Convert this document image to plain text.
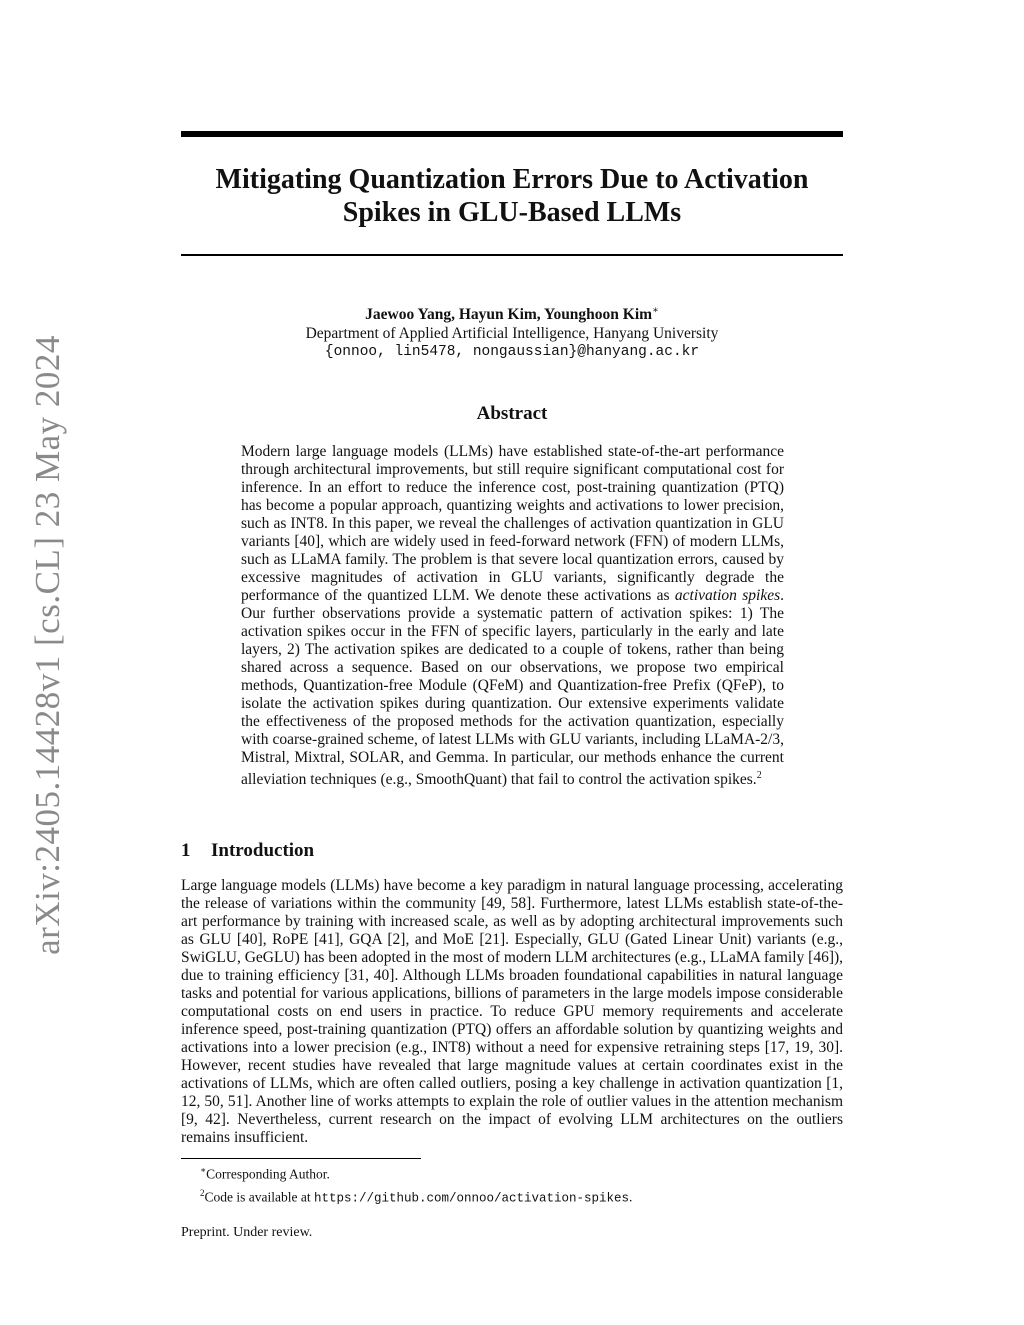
arXiv:2405.14428v1 [cs.CL] 23 May 2024
Mitigating Quantization Errors Due to Activation Spikes in GLU-Based LLMs
Jaewoo Yang, Hayun Kim, Younghoon Kim∗
Department of Applied Artificial Intelligence, Hanyang University
{onnoo, lin5478, nongaussian}@hanyang.ac.kr
Abstract
Modern large language models (LLMs) have established state-of-the-art performance through architectural improvements, but still require significant computational cost for inference. In an effort to reduce the inference cost, post-training quantization (PTQ) has become a popular approach, quantizing weights and activations to lower precision, such as INT8. In this paper, we reveal the challenges of activation quantization in GLU variants [40], which are widely used in feed-forward network (FFN) of modern LLMs, such as LLaMA family. The problem is that severe local quantization errors, caused by excessive magnitudes of activation in GLU variants, significantly degrade the performance of the quantized LLM. We denote these activations as activation spikes. Our further observations provide a systematic pattern of activation spikes: 1) The activation spikes occur in the FFN of specific layers, particularly in the early and late layers, 2) The activation spikes are dedicated to a couple of tokens, rather than being shared across a sequence. Based on our observations, we propose two empirical methods, Quantization-free Module (QFeM) and Quantization-free Prefix (QFeP), to isolate the activation spikes during quantization. Our extensive experiments validate the effectiveness of the proposed methods for the activation quantization, especially with coarse-grained scheme, of latest LLMs with GLU variants, including LLaMA-2/3, Mistral, Mixtral, SOLAR, and Gemma. In particular, our methods enhance the current alleviation techniques (e.g., SmoothQuant) that fail to control the activation spikes.$^2$
1 Introduction
Large language models (LLMs) have become a key paradigm in natural language processing, accelerating the release of variations within the community [49, 58]. Furthermore, latest LLMs establish state-of-the-art performance by training with increased scale, as well as by adopting architectural improvements such as GLU [40], RoPE [41], GQA [2], and MoE [21]. Especially, GLU (Gated Linear Unit) variants (e.g., SwiGLU, GeGLU) has been adopted in the most of modern LLM architectures (e.g., LLaMA family [46]), due to training efficiency [31, 40]. Although LLMs broaden foundational capabilities in natural language tasks and potential for various applications, billions of parameters in the large models impose considerable computational costs on end users in practice. To reduce GPU memory requirements and accelerate inference speed, post-training quantization (PTQ) offers an affordable solution by quantizing weights and activations into a lower precision (e.g., INT8) without a need for expensive retraining steps [17, 19, 30]. However, recent studies have revealed that large magnitude values at certain coordinates exist in the activations of LLMs, which are often called outliers, posing a key challenge in activation quantization [1, 12, 50, 51]. Another line of works attempts to explain the role of outlier values in the attention mechanism [9, 42]. Nevertheless, current research on the impact of evolving LLM architectures on the outliers remains insufficient.
∗Corresponding Author.
$^2$Code is available at https://github.com/onnoo/activation-spikes.
Preprint. Under review.
